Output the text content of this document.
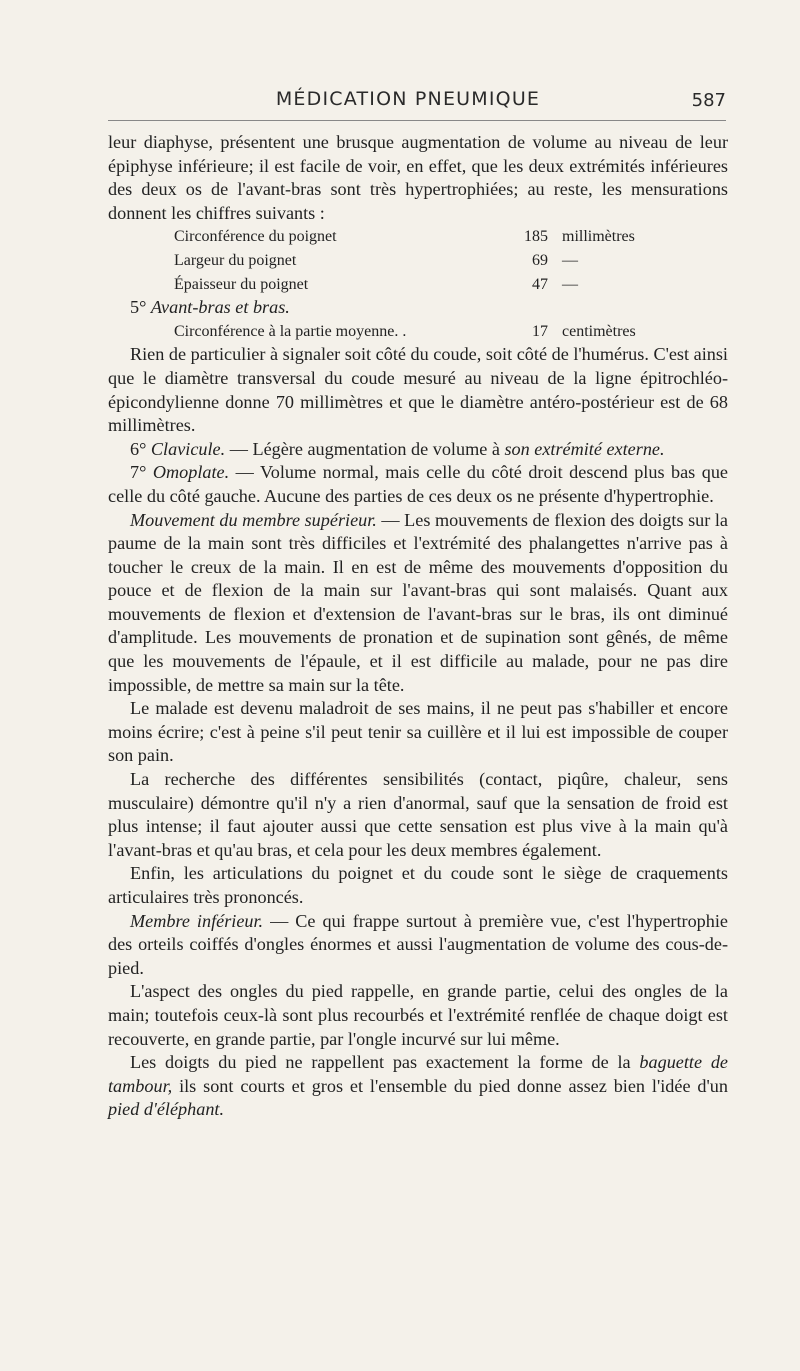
MÉDICATION PNEUMIQUE	587

leur diaphyse, présentent une brusque augmentation de volume au niveau de leur épiphyse inférieure; il est facile de voir, en effet, que les deux extrémités inférieures des deux os de l'avant-bras sont très hypertrophiées; au reste, les mensurations donnent les chiffres suivants :

Circonférence du poignet	185 millimètres
Largeur du poignet	69 —
Épaisseur du poignet	47 —

5° Avant-bras et bras.

Circonférence à la partie moyenne. .	17 centimètres

Rien de particulier à signaler soit côté du coude, soit côté de l'humérus. C'est ainsi que le diamètre transversal du coude mesuré au niveau de la ligne épitrochléo-épicondylienne donne 70 millimètres et que le diamètre antéro-postérieur est de 68 millimètres.

6° Clavicule. — Légère augmentation de volume à son extrémité externe.

7° Omoplate. — Volume normal, mais celle du côté droit descend plus bas que celle du côté gauche. Aucune des parties de ces deux os ne présente d'hypertrophie.

Mouvement du membre supérieur. — Les mouvements de flexion des doigts sur la paume de la main sont très difficiles et l'extrémité des phalangettes n'arrive pas à toucher le creux de la main. Il en est de même des mouvements d'opposition du pouce et de flexion de la main sur l'avant-bras qui sont malaisés. Quant aux mouvements de flexion et d'extension de l'avant-bras sur le bras, ils ont diminué d'amplitude. Les mouvements de pronation et de supination sont gênés, de même que les mouvements de l'épaule, et il est difficile au malade, pour ne pas dire impossible, de mettre sa main sur la tête.

Le malade est devenu maladroit de ses mains, il ne peut pas s'habiller et encore moins écrire; c'est à peine s'il peut tenir sa cuillère et il lui est impossible de couper son pain.

La recherche des différentes sensibilités (contact, piqûre, chaleur, sens musculaire) démontre qu'il n'y a rien d'anormal, sauf que la sensation de froid est plus intense; il faut ajouter aussi que cette sensation est plus vive à la main qu'à l'avant-bras et qu'au bras, et cela pour les deux membres également.

Enfin, les articulations du poignet et du coude sont le siège de craquements articulaires très prononcés.

Membre inférieur. — Ce qui frappe surtout à première vue, c'est l'hypertrophie des orteils coiffés d'ongles énormes et aussi l'augmentation de volume des cous-de-pied.

L'aspect des ongles du pied rappelle, en grande partie, celui des ongles de la main; toutefois ceux-là sont plus recourbés et l'extrémité renflée de chaque doigt est recouverte, en grande partie, par l'ongle incurvé sur lui même.

Les doigts du pied ne rappellent pas exactement la forme de la baguette de tambour, ils sont courts et gros et l'ensemble du pied donne assez bien l'idée d'un pied d'éléphant.
